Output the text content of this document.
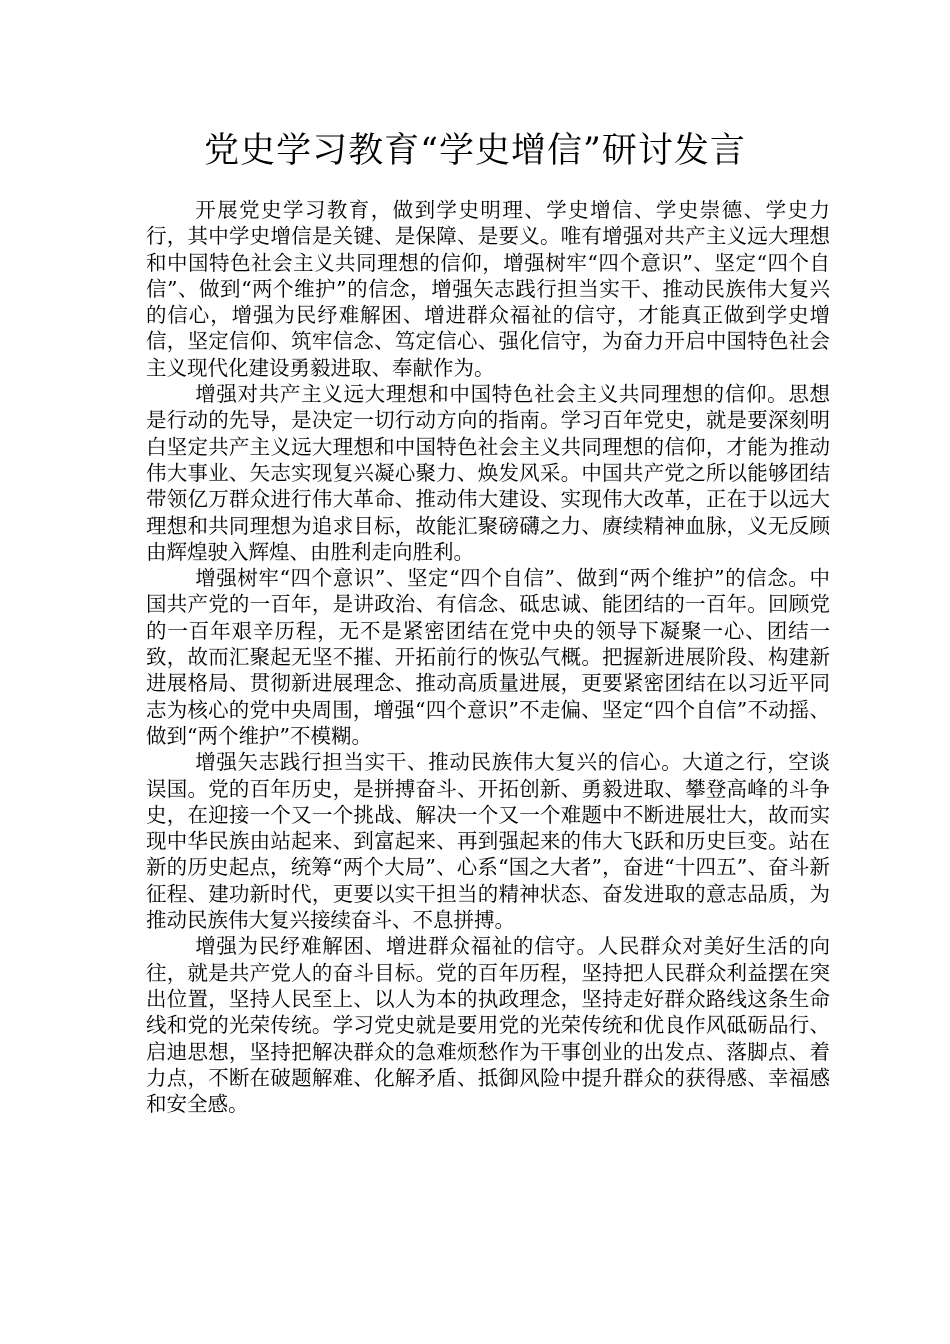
党史学习教育“学史增信”研讨发言

开展党史学习教育，做到学史明理、学史增信、学史崇德、学史力行，其中学史增信是关键、是保障、是要义。唯有增强对共产主义远大理想和中国特色社会主义共同理想的信仰，增强树牢“四个意识”、坚定“四个自信”、做到“两个维护”的信念，增强矢志践行担当实干、推动民族伟大复兴的信心，增强为民纾难解困、增进群众福祉的信守，才能真正做到学史增信，坚定信仰、筑牢信念、笃定信心、强化信守，为奋力开启中国特色社会主义现代化建设勇毅进取、奉献作为。

增强对共产主义远大理想和中国特色社会主义共同理想的信仰。思想是行动的先导，是决定一切行动方向的指南。学习百年党史，就是要深刻明白坚定共产主义远大理想和中国特色社会主义共同理想的信仰，才能为推动伟大事业、矢志实现复兴凝心聚力、焕发风采。中国共产党之所以能够团结带领亿万群众进行伟大革命、推动伟大建设、实现伟大改革，正在于以远大理想和共同理想为追求目标，故能汇聚磅礴之力、赓续精神血脉，义无反顾由辉煌驶入辉煌、由胜利走向胜利。

增强树牢“四个意识”、坚定“四个自信”、做到“两个维护”的信念。中国共产党的一百年，是讲政治、有信念、砥忠诚、能团结的一百年。回顾党的一百年艰辛历程，无不是紧密团结在党中央的领导下凝聚一心、团结一致，故而汇聚起无坚不摧、开拓前行的恢弘气概。把握新进展阶段、构建新进展格局、贯彻新进展理念、推动高质量进展，更要紧密团结在以习近平同志为核心的党中央周围，增强“四个意识”不走偏、坚定“四个自信”不动摇、做到“两个维护”不模糊。

增强矢志践行担当实干、推动民族伟大复兴的信心。大道之行，空谈误国。党的百年历史，是拼搏奋斗、开拓创新、勇毅进取、攀登高峰的斗争史，在迎接一个又一个挑战、解决一个又一个难题中不断进展壮大，故而实现中华民族由站起来、到富起来、再到强起来的伟大飞跃和历史巨变。站在新的历史起点，统筹“两个大局”、心系“国之大者”，奋进“十四五”、奋斗新征程、建功新时代，更要以实干担当的精神状态、奋发进取的意志品质，为推动民族伟大复兴接续奋斗、不息拼搏。

增强为民纾难解困、增进群众福祉的信守。人民群众对美好生活的向往，就是共产党人的奋斗目标。党的百年历程，坚持把人民群众利益摆在突出位置，坚持人民至上、以人为本的执政理念，坚持走好群众路线这条生命线和党的光荣传统。学习党史就是要用党的光荣传统和优良作风砥砺品行、启迪思想，坚持把解决群众的急难烦愁作为干事创业的出发点、落脚点、着力点，不断在破题解难、化解矛盾、抵御风险中提升群众的获得感、幸福感和安全感。
